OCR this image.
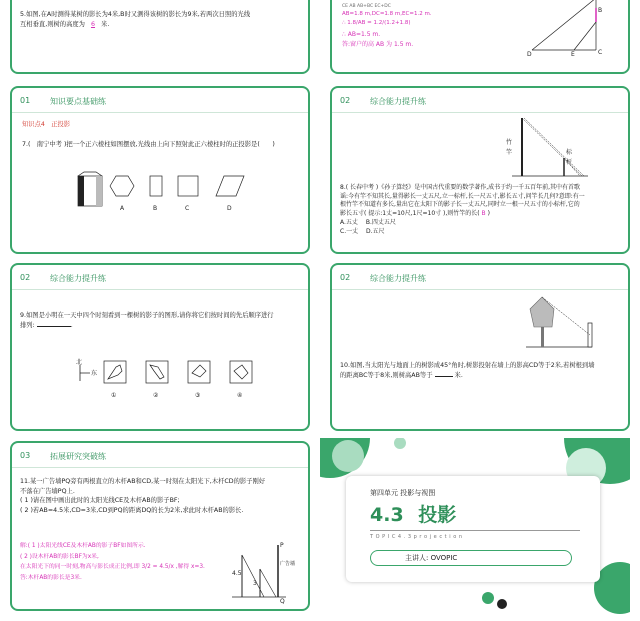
5.如图,在A时测得某树的影长为4米,B时又测得该树的影长为9米,若两次日照的光线
互相垂直,则树的高度为 6 米.
CE AB AB+BC EC+DC
AB=1.8 m,DC=1.8 m,EC=1.2 m.
∴ 1.8/AB = 1.2/(1.2+1.8)
∴ AB=1.5 m.
答:窗户的高 AB 为 1.5 m.
B
C
D	E
01 知识要点基础练
知识点4　正投影
7.(　南宁中考 )把一个正六棱柱如图摆放,光线由上向下照射此正六棱柱时的正投影是(　　)
A	B	C	D
02 综合能力提升练
竹
竿	标
杆
8.( 长春中考 )《孙子算经》是中国古代重要的数学著作,成书于约一千五百年前,其中有首歌
谣:今有竿不知其长,量得影长一丈五尺,立一标杆,长一尺五寸,影长五寸,问竿长几何?意即:有一
根竹竿不知道有多长,量出它在太阳下的影子长一丈五尺,同时立一根一尺五寸的小标杆,它的
影长五寸( 提示:1丈=10尺,1尺=10寸 ),则竹竿的长( B )
A.五丈　 B.四丈五尺
C.一丈　 D.五尺
02 综合能力提升练
9.如图是小明在一天中四个时刻看到一棵树的影子的图形,请你将它们按时间的先后顺序进行
排列:	.
北
东
①	②	③	④
02 综合能力提升练
10.如图,当太阳光与地面上的树影成45°角时,树影投射在墙上的影高CD等于2米,若树根到墙
的距离BC等于8米,则树高AB等于	米.
03 拓展研究突破练
11.某一广告墙PQ旁有两根直立的木杆AB和CD,某一时刻在太阳光下,木杆CD的影子刚好
不落在广告墙PQ上.
( 1 )请在图中画出此时的太阳光线CE及木杆AB的影子BF;
( 2 )若AB=4.5米,CD=3米,CD到PQ的距离DQ的长为2米,求此时木杆AB的影长.
解:( 1 )太阳光线CE及木杆AB的影子BF如图所示.
( 2 )设木杆AB的影长BF为x米,
在太阳光下的同一时刻,物高与影长成正比例,即 3/2 = 4.5/x ,解得 x=3.
答:木杆AB的影长是3米.
4.5
3
广告墙
Q
P
第四单元 投影与视图
4.3 投影
T O P I C 4 . 3 p r o j e c t i o n
主讲人: OVOPIC
